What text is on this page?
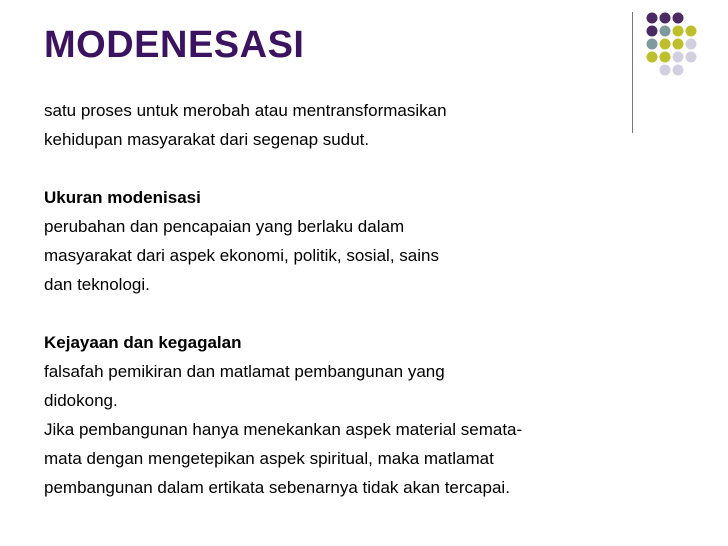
MODENESASI
satu proses untuk merobah atau mentransformasikan
kehidupan masyarakat dari segenap sudut.
Ukuran modenisasi
perubahan dan pencapaian yang berlaku dalam
masyarakat dari aspek ekonomi, politik, sosial, sains
dan teknologi.
Kejayaan dan kegagalan
falsafah pemikiran dan matlamat pembangunan yang
didokong.
Jika pembangunan hanya menekankan aspek material semata-
mata dengan mengetepikan aspek spiritual, maka matlamat
pembangunan dalam ertikata sebenarnya tidak akan tercapai.
